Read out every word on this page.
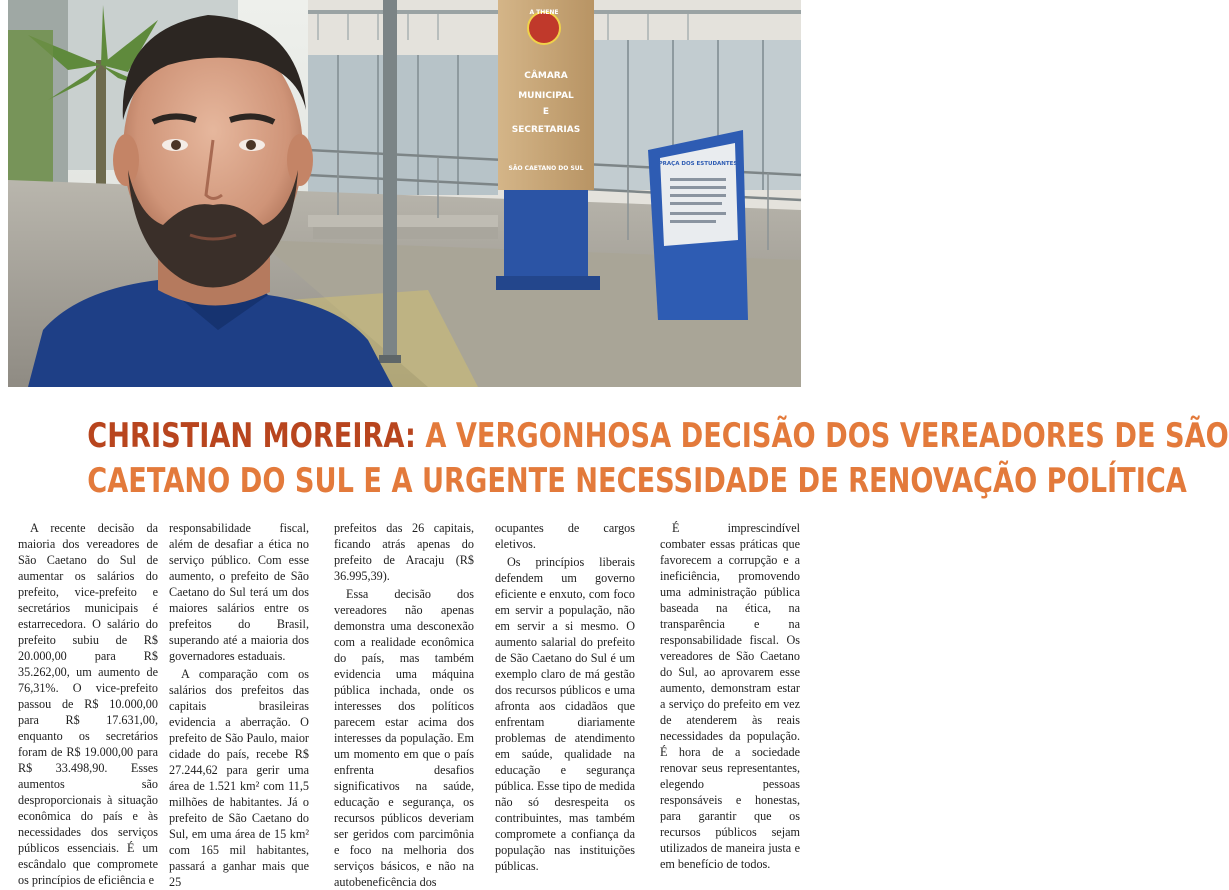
A THENE
CÂMARA
MUNICIPAL
E
SECRETARIAS
SÃO CAETANO DO SUL
PRAÇA DOS ESTUDANTES
CHRISTIAN MOREIRA: A VERGONHOSA DECISÃO DOS VEREADORES DE SÃO
CAETANO DO SUL E A URGENTE NECESSIDADE DE RENOVAÇÃO POLÍTICA

A recente decisão da maioria dos vereadores de São Caetano do Sul de aumentar os salários do prefeito, vice-prefeito e secretários municipais é estarrecedora. O salário do prefeito subiu de R$ 20.000,00 para R$ 35.262,00, um aumento de 76,31%. O vice-prefeito passou de R$ 10.000,00 para R$ 17.631,00, enquanto os secretários foram de R$ 19.000,00 para R$ 33.498,90. Esses aumentos são desproporcionais à situação econômica do país e às necessidades dos serviços públicos essenciais. É um escândalo que compromete os princípios de eficiência e

responsabilidade fiscal, além de desafiar a ética no serviço público. Com esse aumento, o prefeito de São Caetano do Sul terá um dos maiores salários entre os prefeitos do Brasil, superando até a maioria dos governadores estaduais.

A comparação com os salários dos prefeitos das capitais brasileiras evidencia a aberração. O prefeito de São Paulo, maior cidade do país, recebe R$ 27.244,62 para gerir uma área de 1.521 km² com 11,5 milhões de habitantes. Já o prefeito de São Caetano do Sul, em uma área de 15 km² com 165 mil habitantes, passará a ganhar mais que 25

prefeitos das 26 capitais, ficando atrás apenas do prefeito de Aracaju (R$ 36.995,39).

Essa decisão dos vereadores não apenas demonstra uma desconexão com a realidade econômica do país, mas também evidencia uma máquina pública inchada, onde os interesses dos políticos parecem estar acima dos interesses da população. Em um momento em que o país enfrenta desafios significativos na saúde, educação e segurança, os recursos públicos deveriam ser geridos com parcimônia e foco na melhoria dos serviços básicos, e não na autobeneficência dos

ocupantes de cargos eletivos.

Os princípios liberais defendem um governo eficiente e enxuto, com foco em servir a população, não em servir a si mesmo. O aumento salarial do prefeito de São Caetano do Sul é um exemplo claro de má gestão dos recursos públicos e uma afronta aos cidadãos que enfrentam diariamente problemas de atendimento em saúde, qualidade na educação e segurança pública. Esse tipo de medida não só desrespeita os contribuintes, mas também compromete a confiança da população nas instituições públicas.

É imprescindível combater essas práticas que favorecem a corrupção e a ineficiência, promovendo uma administração pública baseada na ética, na transparência e na responsabilidade fiscal. Os vereadores de São Caetano do Sul, ao aprovarem esse aumento, demonstram estar a serviço do prefeito em vez de atenderem às reais necessidades da população. É hora de a sociedade renovar seus representantes, elegendo pessoas responsáveis e honestas, para garantir que os recursos públicos sejam utilizados de maneira justa e em benefício de todos.
